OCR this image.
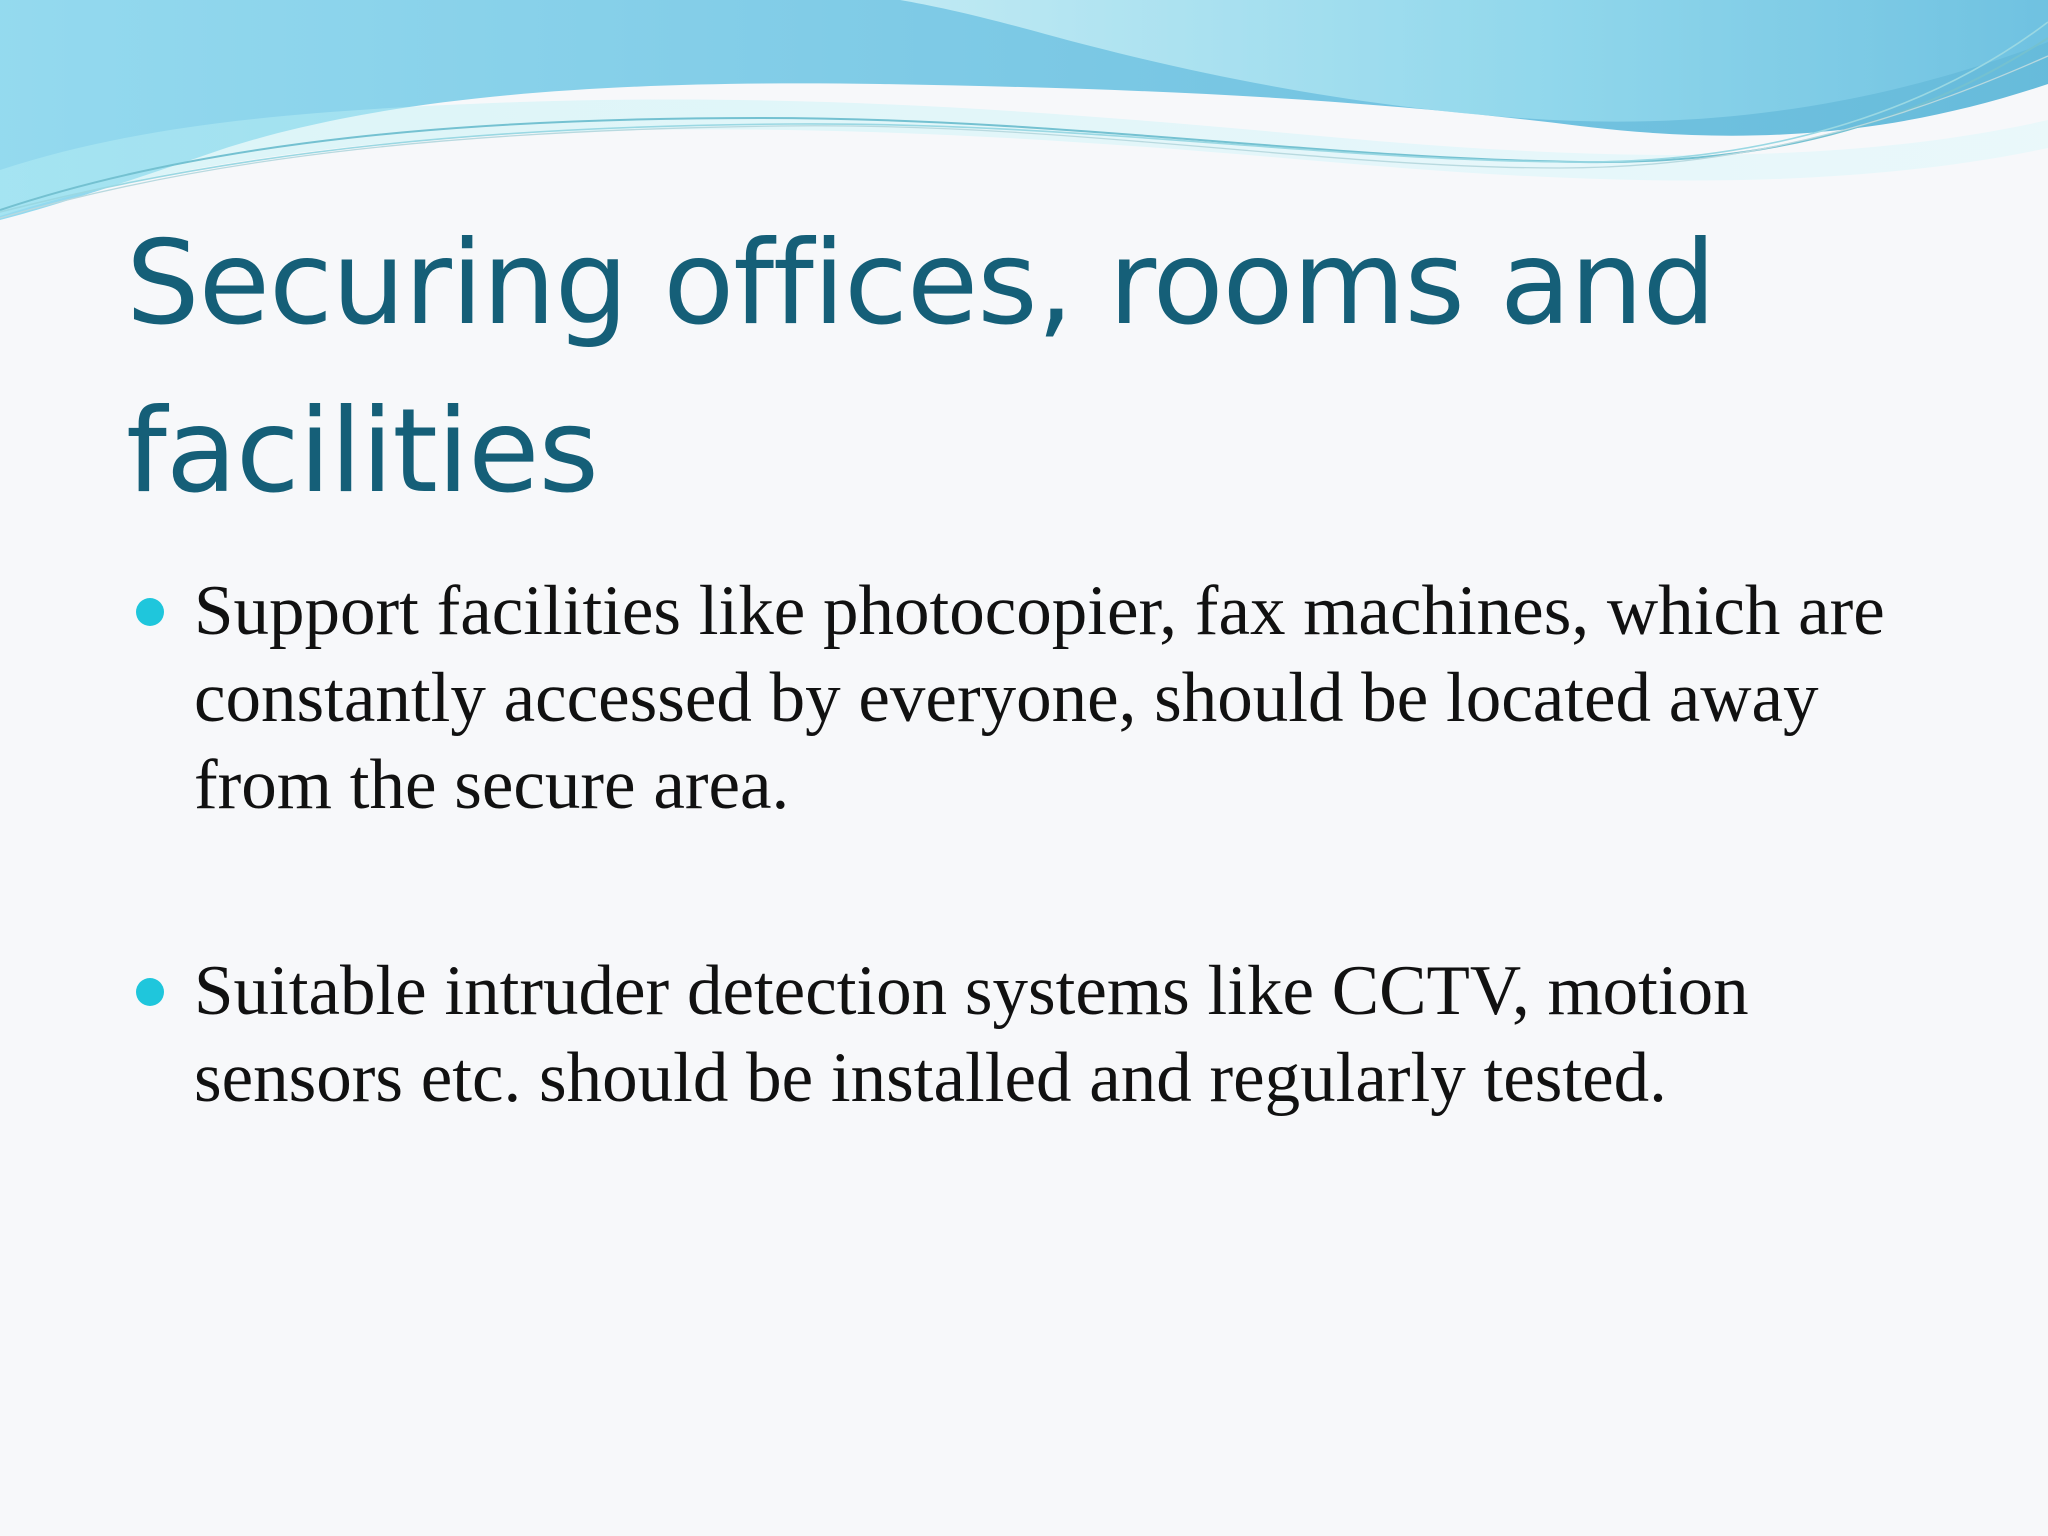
Securing offices, rooms and facilities
Support facilities like photocopier, fax machines, which are constantly accessed by everyone, should be located away from the secure area.
Suitable intruder detection systems like CCTV, motion sensors etc. should be installed and regularly tested.
